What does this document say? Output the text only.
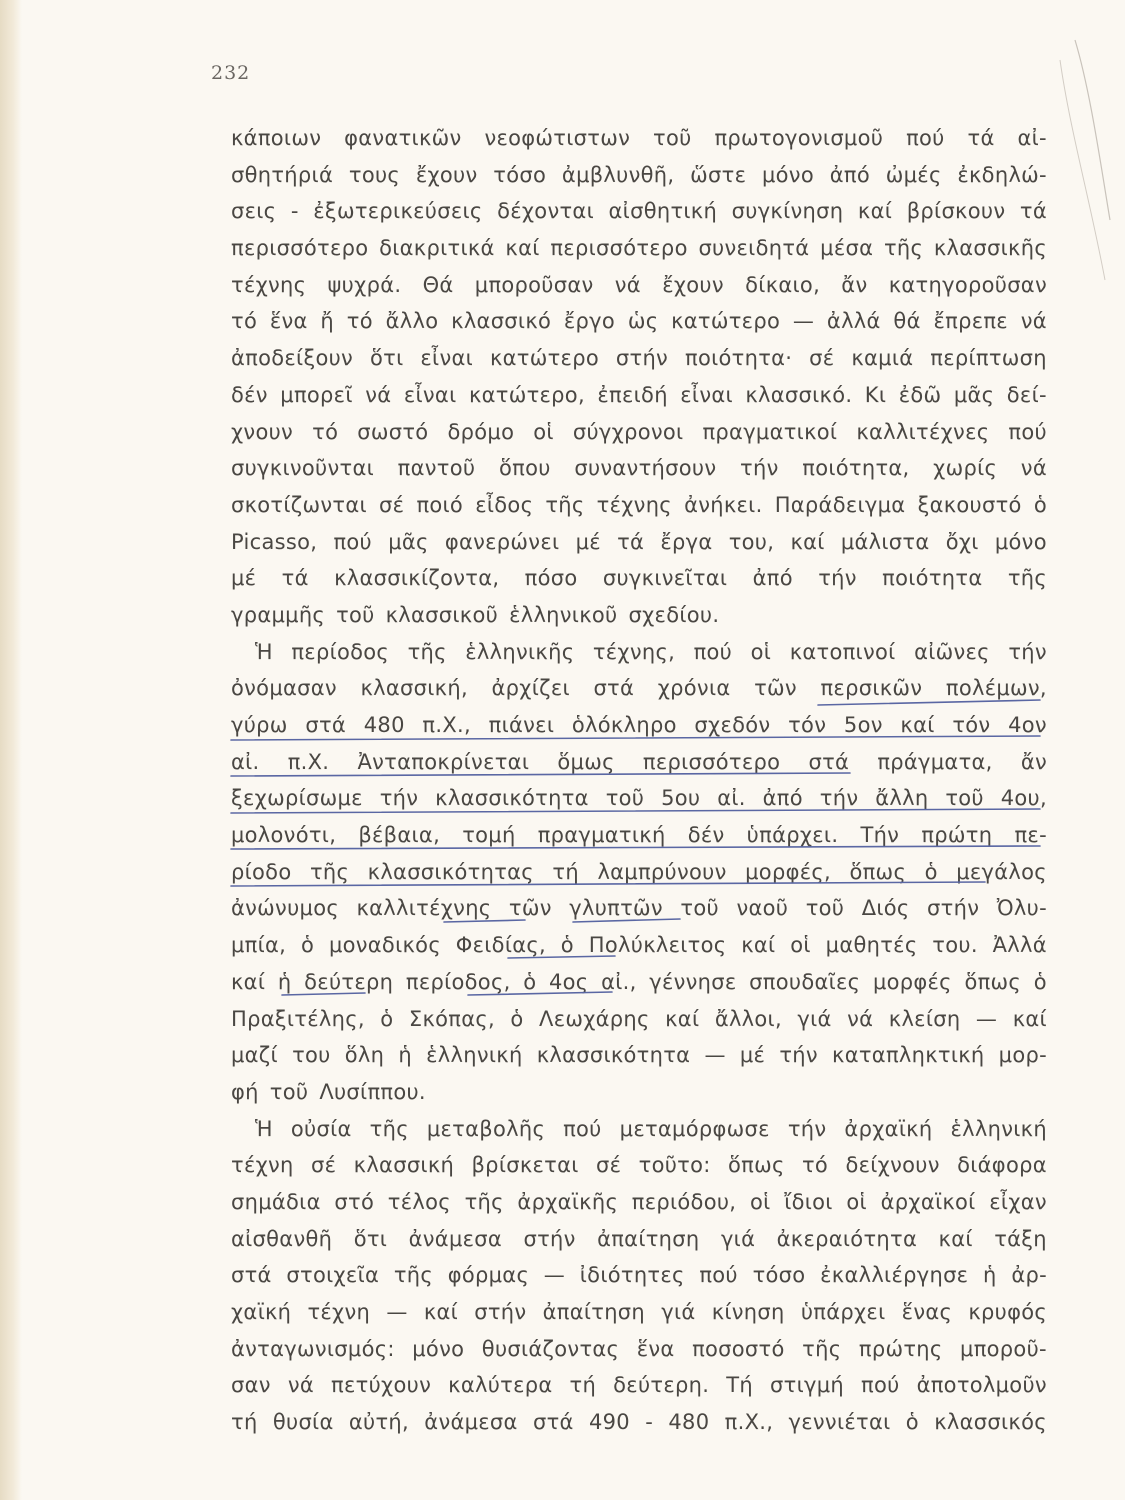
232
κάποιων φανατικῶν νεοφώτιστων τοῦ πρωτογονισμοῦ πού τά αἰ-
σθητήριά τους ἔχουν τόσο ἀμβλυνθῆ, ὥστε μόνο ἀπό ὠμές ἐκδηλώ-
σεις - ἐξωτερικεύσεις δέχονται αἰσθητική συγκίνηση καί βρίσκουν τά
περισσότερο διακριτικά καί περισσότερο συνειδητά μέσα τῆς κλασσικῆς
τέχνης ψυχρά. Θά μποροῦσαν νά ἔχουν δίκαιο, ἄν κατηγοροῦσαν
τό ἕνα ἤ τό ἄλλο κλασσικό ἔργο ὡς κατώτερο — ἀλλά θά ἔπρεπε νά
ἀποδείξουν ὅτι εἶναι κατώτερο στήν ποιότητα· σέ καμιά περίπτωση
δέν μπορεῖ νά εἶναι κατώτερο, ἐπειδή εἶναι κλασσικό. Κι ἐδῶ μᾶς δεί-
χνουν τό σωστό δρόμο οἱ σύγχρονοι πραγματικοί καλλιτέχνες πού
συγκινοῦνται παντοῦ ὅπου συναντήσουν τήν ποιότητα, χωρίς νά
σκοτίζωνται σέ ποιό εἶδος τῆς τέχνης ἀνήκει. Παράδειγμα ξακουστό ὁ
Picasso, πού μᾶς φανερώνει μέ τά ἔργα του, καί μάλιστα ὄχι μόνο
μέ τά κλασσικίζοντα, πόσο συγκινεῖται ἀπό τήν ποιότητα τῆς
γραμμῆς τοῦ κλασσικοῦ ἑλληνικοῦ σχεδίου.
Ἡ περίοδος τῆς ἑλληνικῆς τέχνης, πού οἱ κατοπινοί αἰῶνες τήν
ὀνόμασαν κλασσική, ἀρχίζει στά χρόνια τῶν περσικῶν πολέμων,
γύρω στά 480 π.Χ., πιάνει ὁλόκληρο σχεδόν τόν 5ον καί τόν 4ον
αἰ. π.Χ. Ἀνταποκρίνεται ὅμως περισσότερο στά πράγματα, ἄν
ξεχωρίσωμε τήν κλασσικότητα τοῦ 5ου αἰ. ἀπό τήν ἄλλη τοῦ 4ου,
μολονότι, βέβαια, τομή πραγματική δέν ὑπάρχει. Τήν πρώτη πε-
ρίοδο τῆς κλασσικότητας τή λαμπρύνουν μορφές, ὅπως ὁ μεγάλος
ἀνώνυμος καλλιτέχνης τῶν γλυπτῶν τοῦ ναοῦ τοῦ Διός στήν Ὀλυ-
μπία, ὁ μοναδικός Φειδίας, ὁ Πολύκλειτος καί οἱ μαθητές του. Ἀλλά
καί ἡ δεύτερη περίοδος, ὁ 4ος αἰ., γέννησε σπουδαῖες μορφές ὅπως ὁ
Πραξιτέλης, ὁ Σκόπας, ὁ Λεωχάρης καί ἄλλοι, γιά νά κλείση — καί
μαζί του ὅλη ἡ ἑλληνική κλασσικότητα — μέ τήν καταπληκτική μορ-
φή τοῦ Λυσίππου.
Ἡ οὐσία τῆς μεταβολῆς πού μεταμόρφωσε τήν ἀρχαϊκή ἑλληνική
τέχνη σέ κλασσική βρίσκεται σέ τοῦτο: ὅπως τό δείχνουν διάφορα
σημάδια στό τέλος τῆς ἀρχαϊκῆς περιόδου, οἱ ἴδιοι οἱ ἀρχαϊκοί εἶχαν
αἰσθανθῆ ὅτι ἀνάμεσα στήν ἀπαίτηση γιά ἀκεραιότητα καί τάξη
στά στοιχεῖα τῆς φόρμας — ἰδιότητες πού τόσο ἐκαλλιέργησε ἡ ἀρ-
χαϊκή τέχνη — καί στήν ἀπαίτηση γιά κίνηση ὑπάρχει ἕνας κρυφός
ἀνταγωνισμός: μόνο θυσιάζοντας ἕνα ποσοστό τῆς πρώτης μποροῦ-
σαν νά πετύχουν καλύτερα τή δεύτερη. Τή στιγμή πού ἀποτολμοῦν
τή θυσία αὐτή, ἀνάμεσα στά 490 - 480 π.Χ., γεννιέται ὁ κλασσικός
